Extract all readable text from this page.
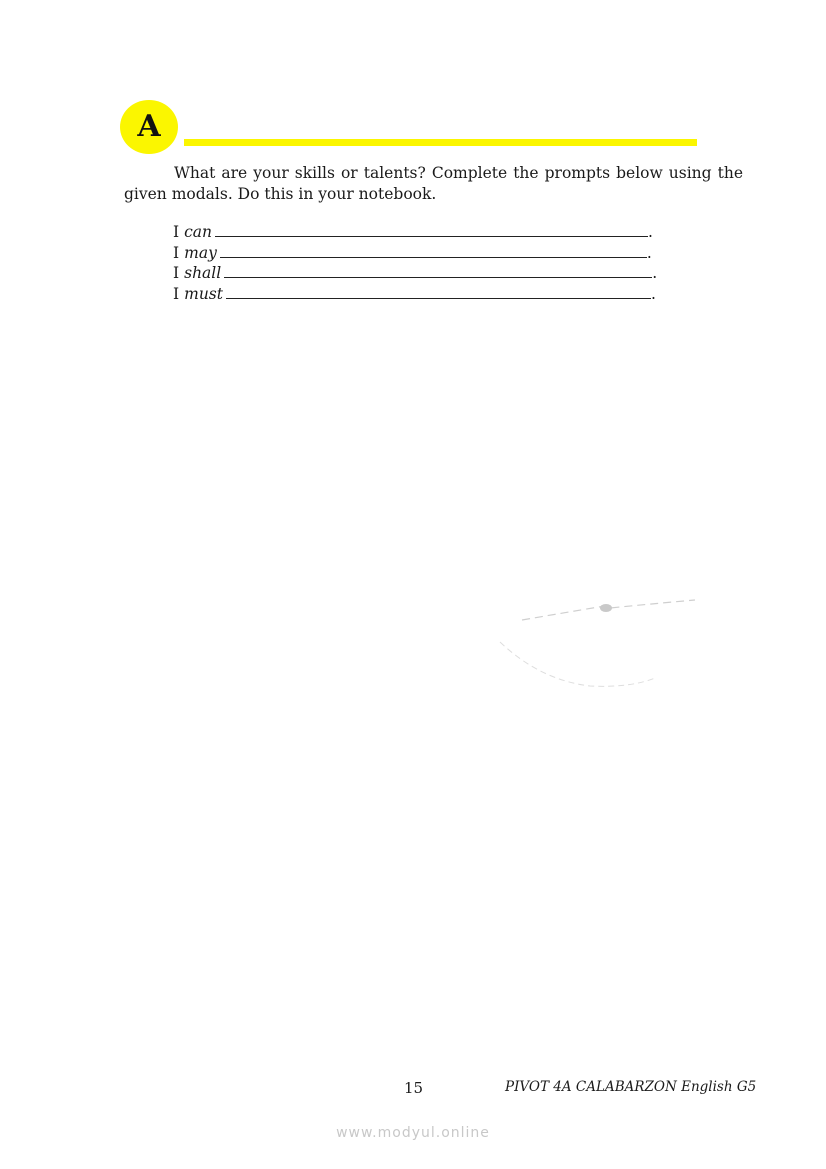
A

What are your skills or talents? Complete the prompts below using the given modals. Do this in your notebook.

I can	.
I may	.
I shall	.
I must	.
15	PIVOT 4A CALABARZON English G5
www.modyul.online
